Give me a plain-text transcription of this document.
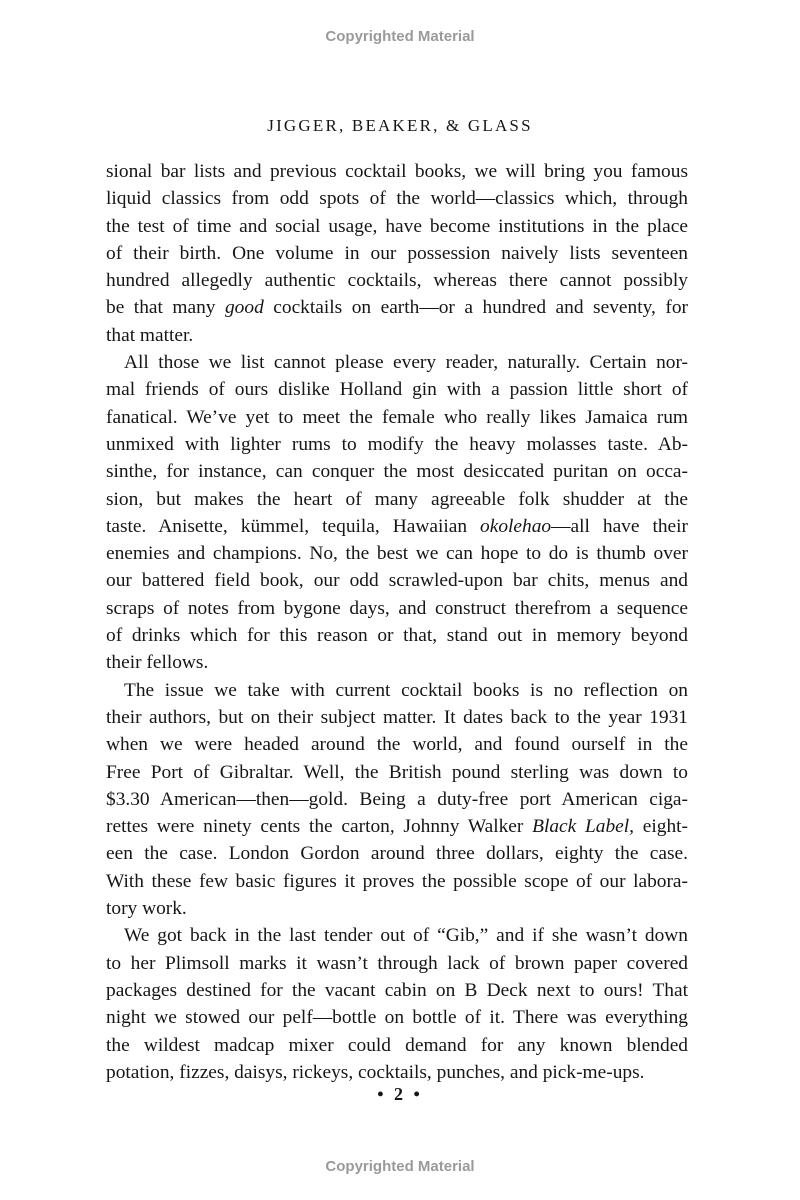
Copyrighted Material
JIGGER, BEAKER, & GLASS
sional bar lists and previous cocktail books, we will bring you famous
liquid classics from odd spots of the world—classics which, through
the test of time and social usage, have become institutions in the place
of their birth. One volume in our possession naively lists seventeen
hundred allegedly authentic cocktails, whereas there cannot possibly
be that many good cocktails on earth—or a hundred and seventy, for
that matter.
All those we list cannot please every reader, naturally. Certain nor-
mal friends of ours dislike Holland gin with a passion little short of
fanatical. We’ve yet to meet the female who really likes Jamaica rum
unmixed with lighter rums to modify the heavy molasses taste. Ab-
sinthe, for instance, can conquer the most desiccated puritan on occa-
sion, but makes the heart of many agreeable folk shudder at the
taste. Anisette, kümmel, tequila, Hawaiian okolehao—all have their
enemies and champions. No, the best we can hope to do is thumb over
our battered field book, our odd scrawled-upon bar chits, menus and
scraps of notes from bygone days, and construct therefrom a sequence
of drinks which for this reason or that, stand out in memory beyond
their fellows.
The issue we take with current cocktail books is no reflection on
their authors, but on their subject matter. It dates back to the year 1931
when we were headed around the world, and found ourself in the
Free Port of Gibraltar. Well, the British pound sterling was down to
$3.30 American—then—gold. Being a duty-free port American ciga-
rettes were ninety cents the carton, Johnny Walker Black Label, eight-
een the case. London Gordon around three dollars, eighty the case.
With these few basic figures it proves the possible scope of our labora-
tory work.
We got back in the last tender out of “Gib,” and if she wasn’t down
to her Plimsoll marks it wasn’t through lack of brown paper covered
packages destined for the vacant cabin on B Deck next to ours! That
night we stowed our pelf—bottle on bottle of it. There was everything
the wildest madcap mixer could demand for any known blended
potation, fizzes, daisys, rickeys, cocktails, punches, and pick-me-ups.
• 2 •
Copyrighted Material
